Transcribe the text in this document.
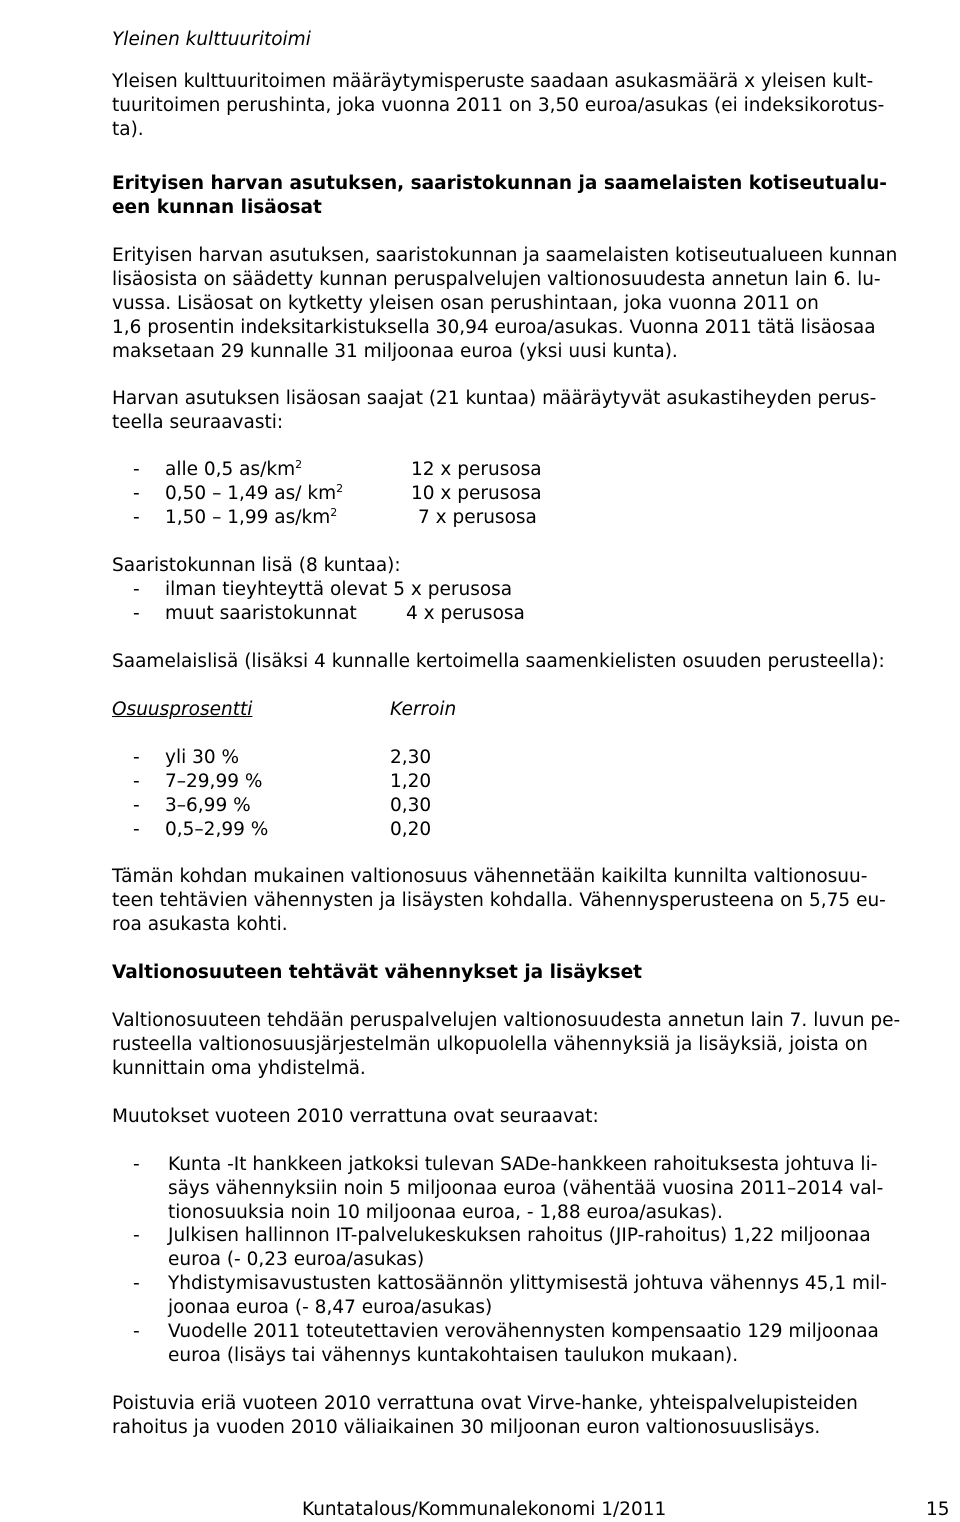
Yleinen kulttuuritoimi
Yleisen kulttuuritoimen määräytymisperuste saadaan asukasmäärä x yleisen kult-
tuuritoimen perushinta, joka vuonna 2011 on 3,50 euroa/asukas (ei indeksikorotus-
ta).
Erityisen harvan asutuksen, saaristokunnan ja saamelaisten kotiseutualu-
een kunnan lisäosat
Erityisen harvan asutuksen, saaristokunnan ja saamelaisten kotiseutualueen kunnan
lisäosista on säädetty kunnan peruspalvelujen valtionosuudesta annetun lain 6. lu-
vussa. Lisäosat on kytketty yleisen osan perushintaan, joka vuonna 2011 on
1,6 prosentin indeksitarkistuksella 30,94 euroa/asukas. Vuonna 2011 tätä lisäosaa
maksetaan 29 kunnalle 31 miljoonaa euroa (yksi uusi kunta).
Harvan asutuksen lisäosan saajat (21 kuntaa) määräytyvät asukastiheyden perus-
teella seuraavasti:
- alle 0,5 $as/km^2$	12 x perusosa
- 0,50 – 1,49 as/ $km^2$	10 x perusosa
- 1,50 – 1,99 $as/km^2$	7 x perusosa
Saaristokunnan lisä (8 kuntaa):
- ilman tieyhteyttä olevat 5 x perusosa
- muut saaristokunnat	4 x perusosa
Saamelaislisä (lisäksi 4 kunnalle kertoimella saamenkielisten osuuden perusteella):
Osuusprosentti	Kerroin
- yli 30 %	2,30
- 7–29,99 %	1,20
- 3–6,99 %	0,30
- 0,5–2,99 %	0,20
Tämän kohdan mukainen valtionosuus vähennetään kaikilta kunnilta valtionosuu-
teen tehtävien vähennysten ja lisäysten kohdalla. Vähennysperusteena on 5,75 eu-
roa asukasta kohti.
Valtionosuuteen tehtävät vähennykset ja lisäykset
Valtionosuuteen tehdään peruspalvelujen valtionosuudesta annetun lain 7. luvun pe-
rusteella valtionosuusjärjestelmän ulkopuolella vähennyksiä ja lisäyksiä, joista on
kunnittain oma yhdistelmä.
Muutokset vuoteen 2010 verrattuna ovat seuraavat:
- Kunta -It hankkeen jatkoksi tulevan SADe-hankkeen rahoituksesta johtuva li-
säys vähennyksiin noin 5 miljoonaa euroa (vähentää vuosina 2011–2014 val-
tionosuuksia noin 10 miljoonaa euroa, - 1,88 euroa/asukas).
- Julkisen hallinnon IT-palvelukeskuksen rahoitus (JIP-rahoitus) 1,22 miljoonaa
euroa (- 0,23 euroa/asukas)
- Yhdistymisavustusten kattosäännön ylittymisestä johtuva vähennys 45,1 mil-
joonaa euroa (- 8,47 euroa/asukas)
- Vuodelle 2011 toteutettavien verovähennysten kompensaatio 129 miljoonaa
euroa (lisäys tai vähennys kuntakohtaisen taulukon mukaan).
Poistuvia eriä vuoteen 2010 verrattuna ovat Virve-hanke, yhteispalvelupisteiden
rahoitus ja vuoden 2010 väliaikainen 30 miljoonan euron valtionosuuslisäys.
Kuntatalous/Kommunalekonomi 1/2011	15
